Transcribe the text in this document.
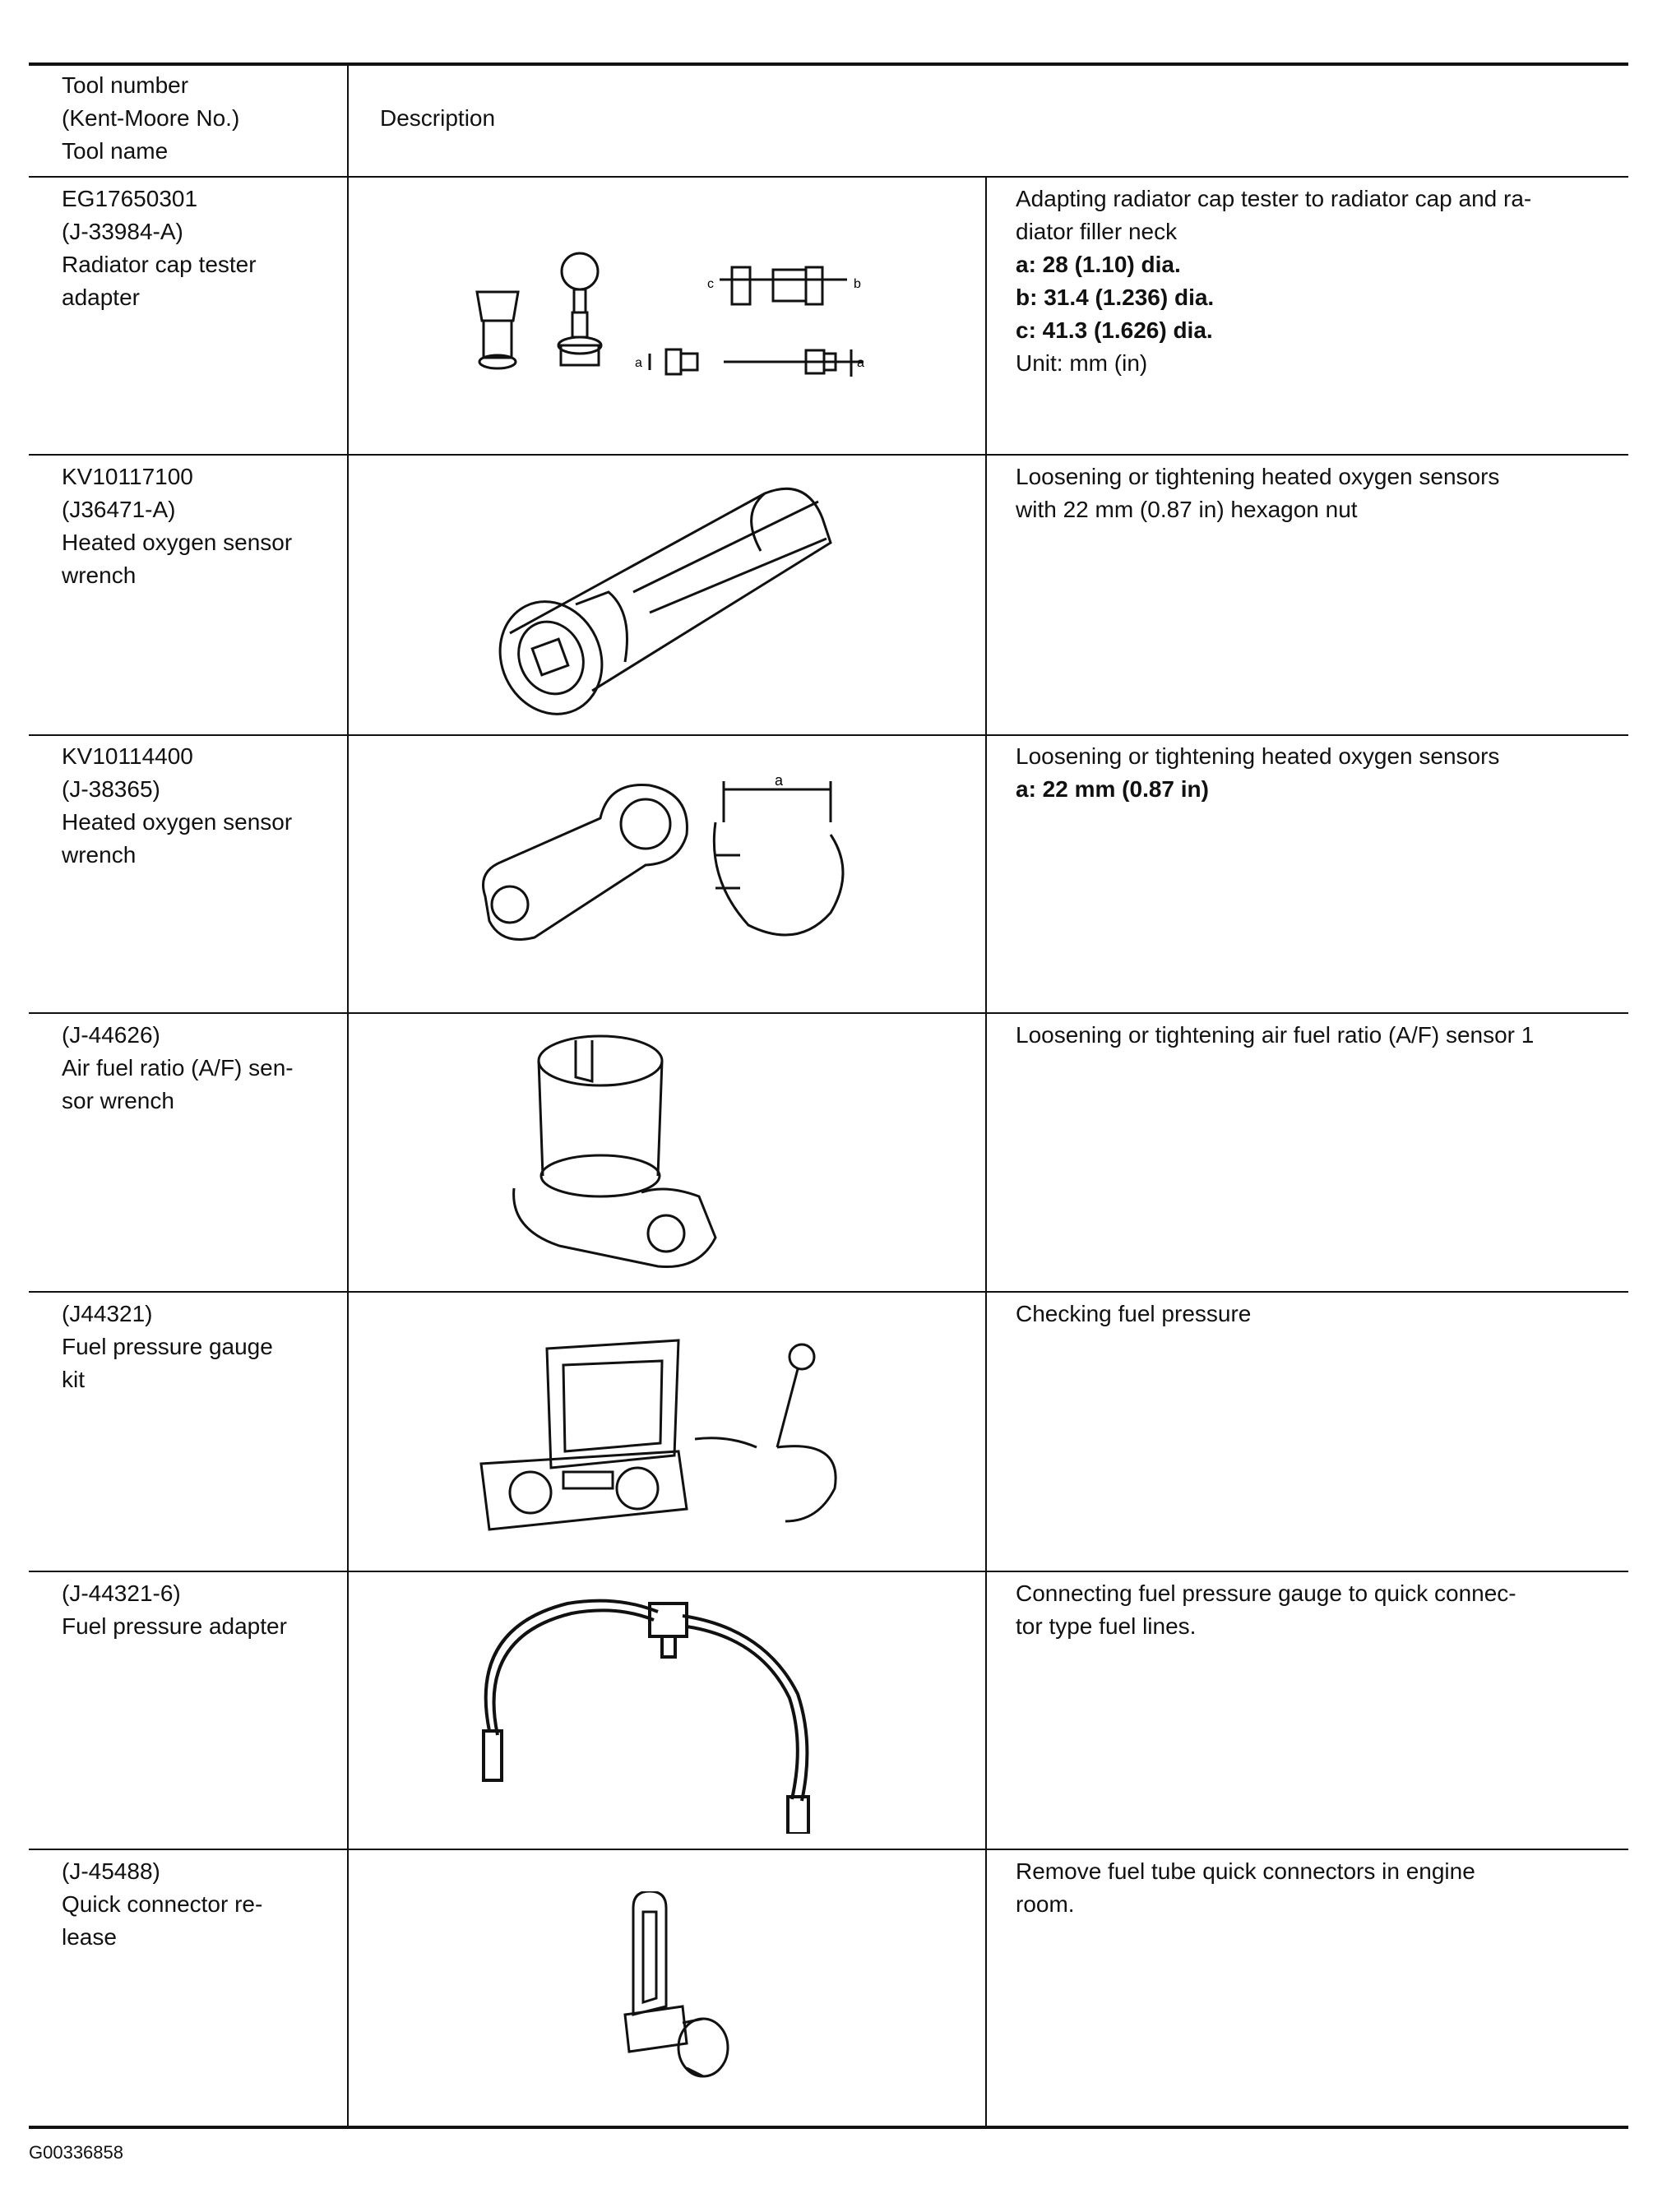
Tool number
(Kent-Moore No.)
Tool name
Description
EG17650301
(J-33984-A)
Radiator cap tester
adapter
Adapting radiator cap tester to radiator cap and ra-
diator filler neck
a: 28 (1.10) dia.
b: 31.4 (1.236) dia.
c: 41.3 (1.626) dia.
Unit: mm (in)
c	b
a	a
KV10117100
(J36471-A)
Heated oxygen sensor
wrench
Loosening or tightening heated oxygen sensors
with 22 mm (0.87 in) hexagon nut
KV10114400
(J-38365)
Heated oxygen sensor
wrench
Loosening or tightening heated oxygen sensors
a: 22 mm (0.87 in)
a
(J-44626)
Air fuel ratio (A/F) sen-
sor wrench
Loosening or tightening air fuel ratio (A/F) sensor 1
(J44321)
Fuel pressure gauge
kit
Checking fuel pressure
(J-44321-6)
Fuel pressure adapter
Connecting fuel pressure gauge to quick connec-
tor type fuel lines.
(J-45488)
Quick connector re-
lease
Remove fuel tube quick connectors in engine
room.
G00336858
